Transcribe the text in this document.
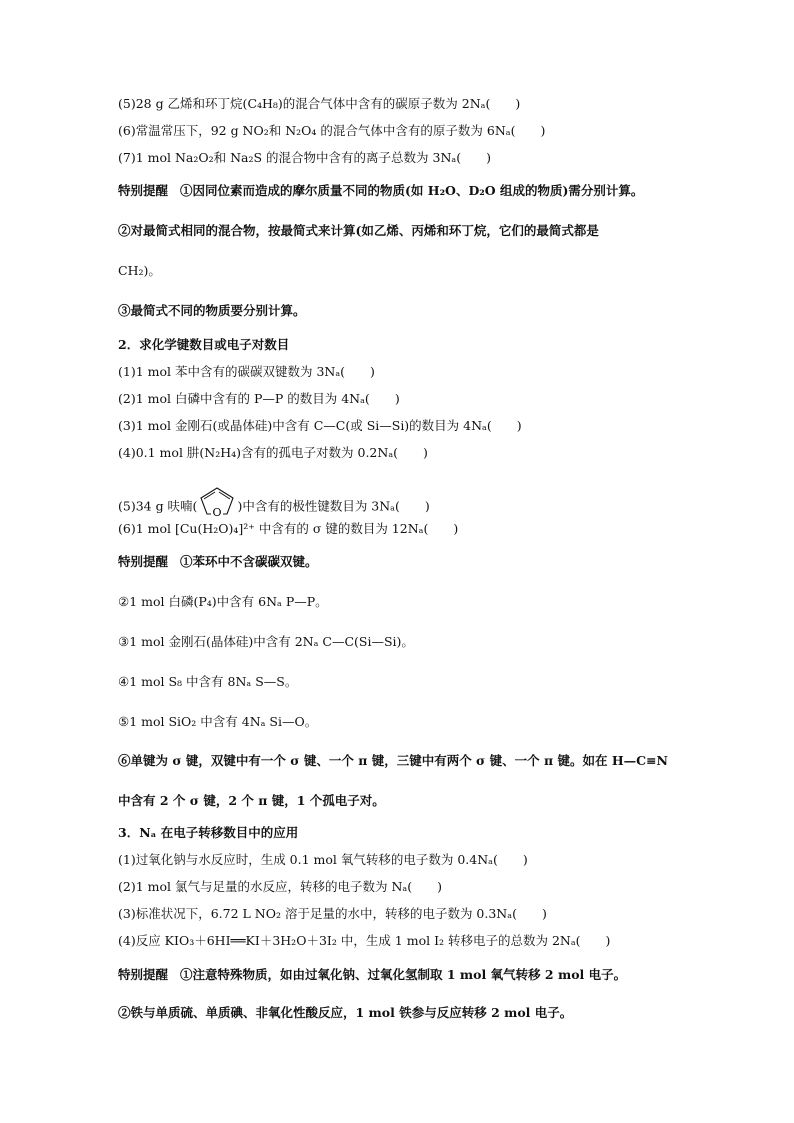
(5)28 g 乙烯和环丁烷(C₄H₈)的混合气体中含有的碳原子数为 2Nₐ(　　)
(6)常温常压下，92 g NO₂和 N₂O₄ 的混合气体中含有的原子数为 6Nₐ(　　)
(7)1 mol Na₂O₂和 Na₂S 的混合物中含有的离子总数为 3Nₐ(　　)
特别提醒 ①因同位素而造成的摩尔质量不同的物质(如 H₂O、D₂O 组成的物质)需分别计算。
②对最简式相同的混合物，按最简式来计算(如乙烯、丙烯和环丁烷，它们的最简式都是
CH₂)。
③最简式不同的物质要分别计算。
2．求化学键数目或电子对数目
(1)1 mol 苯中含有的碳碳双键数为 3Nₐ(　　)
(2)1 mol 白磷中含有的 P—P 的数目为 4Nₐ(　　)
(3)1 mol 金刚石(或晶体硅)中含有 C—C(或 Si—Si)的数目为 4Nₐ(　　)
(4)0.1 mol 肼(N₂H₄)含有的孤电子对数为 0.2Nₐ(　　)
(5)34 g 呋喃( O )中含有的极性键数目为 3Nₐ(　　)
(6)1 mol [Cu(H₂O)₄]²⁺ 中含有的 σ 键的数目为 12Nₐ(　　)
特别提醒 ①苯环中不含碳碳双键。
②1 mol 白磷(P₄)中含有 6Nₐ P—P。
③1 mol 金刚石(晶体硅)中含有 2Nₐ C—C(Si—Si)。
④1 mol S₈ 中含有 8Nₐ S—S。
⑤1 mol SiO₂ 中含有 4Nₐ Si—O。
⑥单键为 σ 键，双键中有一个 σ 键、一个 π 键，三键中有两个 σ 键、一个 π 键。如在 H—C≡N
中含有 2 个 σ 键，2 个 π 键，1 个孤电子对。
3．Nₐ 在电子转移数目中的应用
(1)过氧化钠与水反应时，生成 0.1 mol 氧气转移的电子数为 0.4Nₐ(　　)
(2)1 mol 氯气与足量的水反应，转移的电子数为 Nₐ(　　)
(3)标准状况下，6.72 L NO₂ 溶于足量的水中，转移的电子数为 0.3Nₐ(　　)
(4)反应 KIO₃＋6HI══KI＋3H₂O＋3I₂ 中，生成 1 mol I₂ 转移电子的总数为 2Nₐ(　　)
特别提醒 ①注意特殊物质，如由过氧化钠、过氧化氢制取 1 mol 氧气转移 2 mol 电子。
②铁与单质硫、单质碘、非氧化性酸反应，1 mol 铁参与反应转移 2 mol 电子。
